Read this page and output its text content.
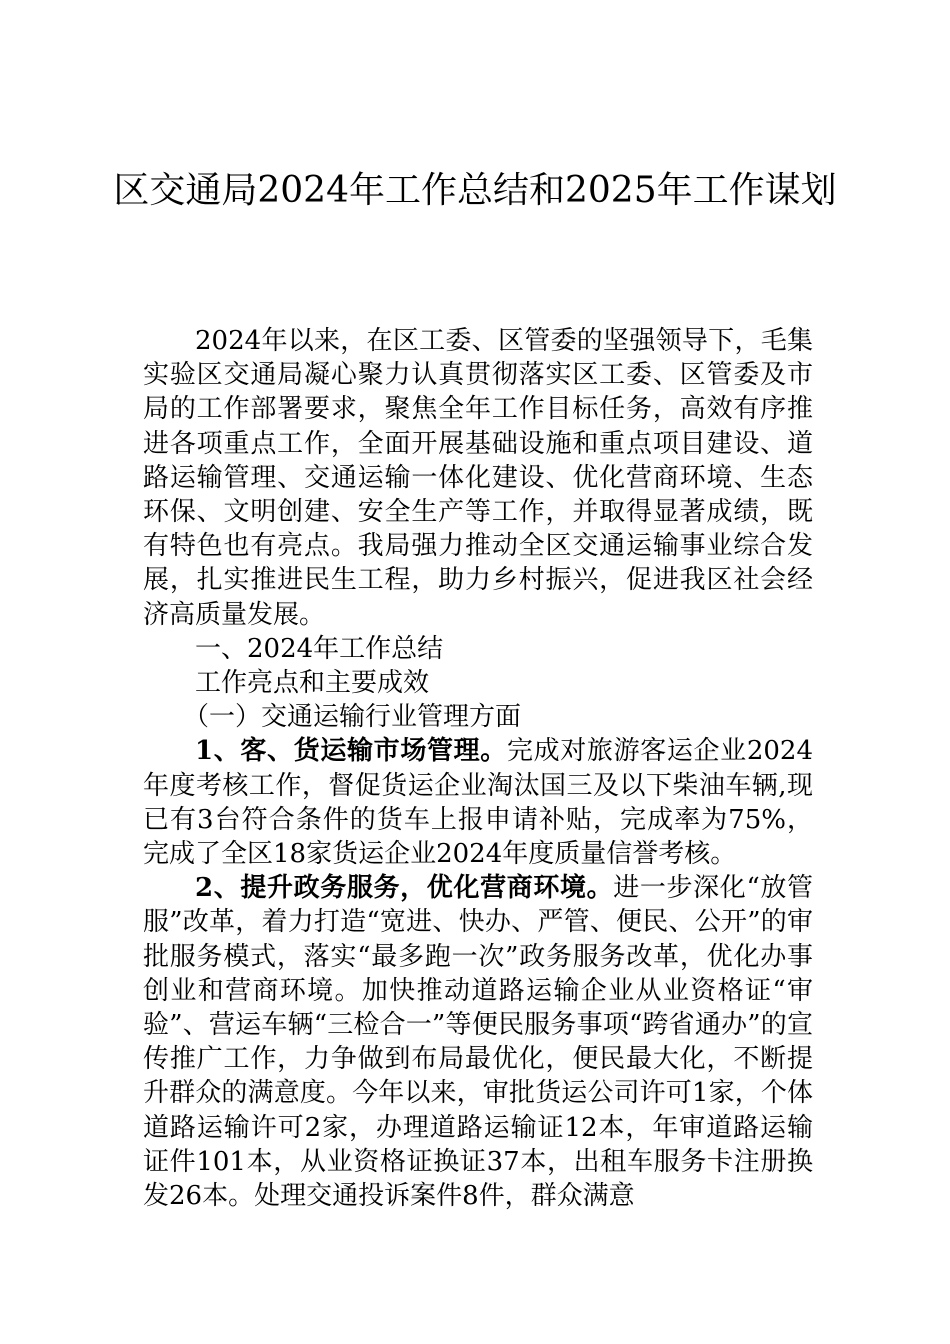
区交通局2024年工作总结和2025年工作谋划

2024年以来，在区工委、区管委的坚强领导下，毛集实验区交通局凝心聚力认真贯彻落实区工委、区管委及市局的工作部署要求，聚焦全年工作目标任务，高效有序推进各项重点工作，全面开展基础设施和重点项目建设、道路运输管理、交通运输一体化建设、优化营商环境、生态环保、文明创建、安全生产等工作，并取得显著成绩，既有特色也有亮点。我局强力推动全区交通运输事业综合发展，扎实推进民生工程，助力乡村振兴，促进我区社会经济高质量发展。

一、2024年工作总结

工作亮点和主要成效

（一）交通运输行业管理方面

1、客、货运输市场管理。完成对旅游客运企业2024年度考核工作，督促货运企业淘汰国三及以下柴油车辆,现已有3台符合条件的货车上报申请补贴，完成率为75%，完成了全区18家货运企业2024年度质量信誉考核。

2、提升政务服务，优化营商环境。进一步深化“放管服”改革，着力打造“宽进、快办、严管、便民、公开”的审批服务模式，落实“最多跑一次”政务服务改革，优化办事创业和营商环境。加快推动道路运输企业从业资格证“审验”、营运车辆“三检合一”等便民服务事项“跨省通办”的宣传推广工作，力争做到布局最优化，便民最大化，不断提升群众的满意度。今年以来，审批货运公司许可1家，个体道路运输许可2家，办理道路运输证12本，年审道路运输证件101本，从业资格证换证37本，出租车服务卡注册换发26本。处理交通投诉案件8件，群众满意
